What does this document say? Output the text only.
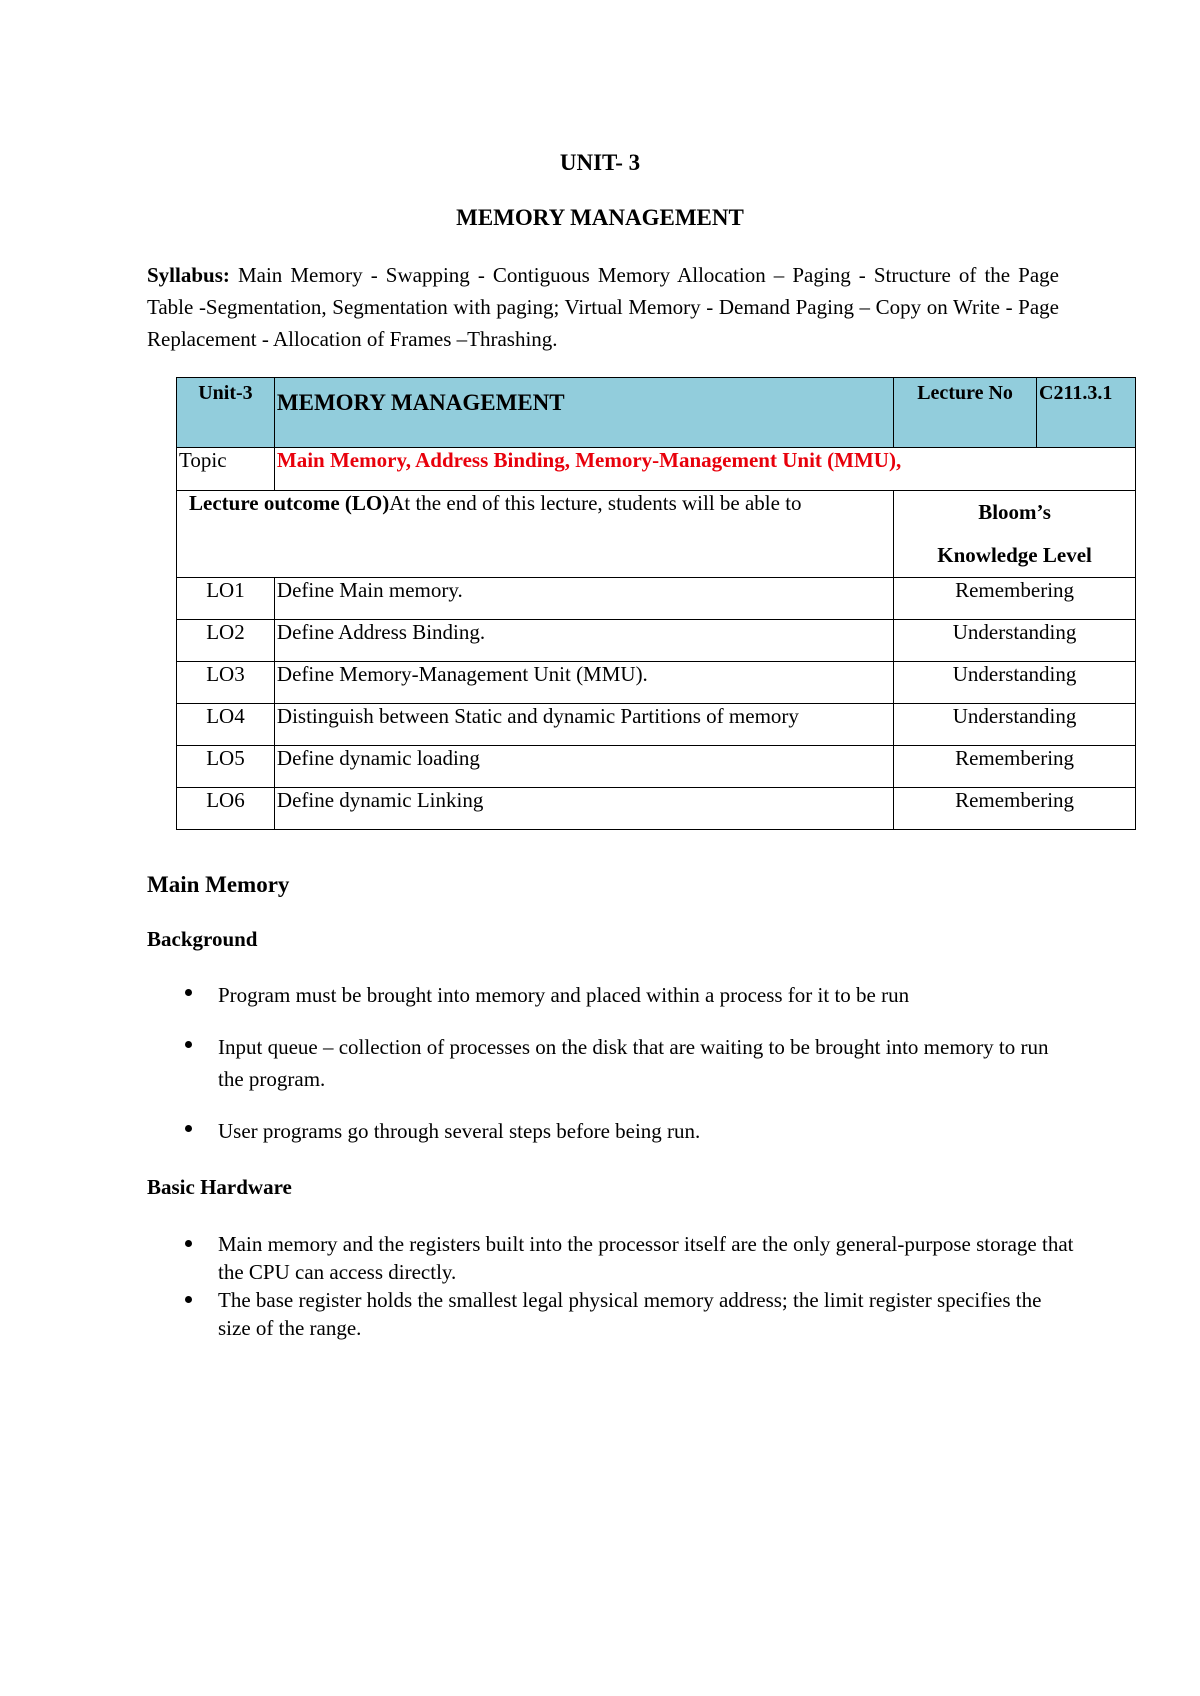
UNIT- 3
MEMORY MANAGEMENT
Syllabus: Main Memory - Swapping - Contiguous Memory Allocation – Paging - Structure of the Page Table -Segmentation, Segmentation with paging; Virtual Memory - Demand Paging – Copy on Write - Page Replacement - Allocation of Frames –Thrashing.
Unit-3	MEMORY MANAGEMENT	Lecture No	C211.3.1
Topic	Main Memory, Address Binding, Memory-Management Unit (MMU),		
Lecture outcome (LO)At the end of this lecture, students will be able to		Bloom’s
Knowledge Level	

LO1	Define Main memory.	Remembering	
LO2	Define Address Binding.	Understanding	
LO3	Define Memory-Management Unit (MMU).	Understanding	
LO4	Distinguish between Static and dynamic Partitions of memory	Understanding	
LO5	Define dynamic loading	Remembering	
LO6	Define dynamic Linking	Remembering	
Main Memory
Background
Program must be brought into memory and placed within a process for it to be run
Input queue – collection of processes on the disk that are waiting to be brought into memory to run the program.
User programs go through several steps before being run.
Basic Hardware
Main memory and the registers built into the processor itself are the only general-purpose storage that the CPU can access directly.
The base register holds the smallest legal physical memory address; the limit register specifies the size of the range.
